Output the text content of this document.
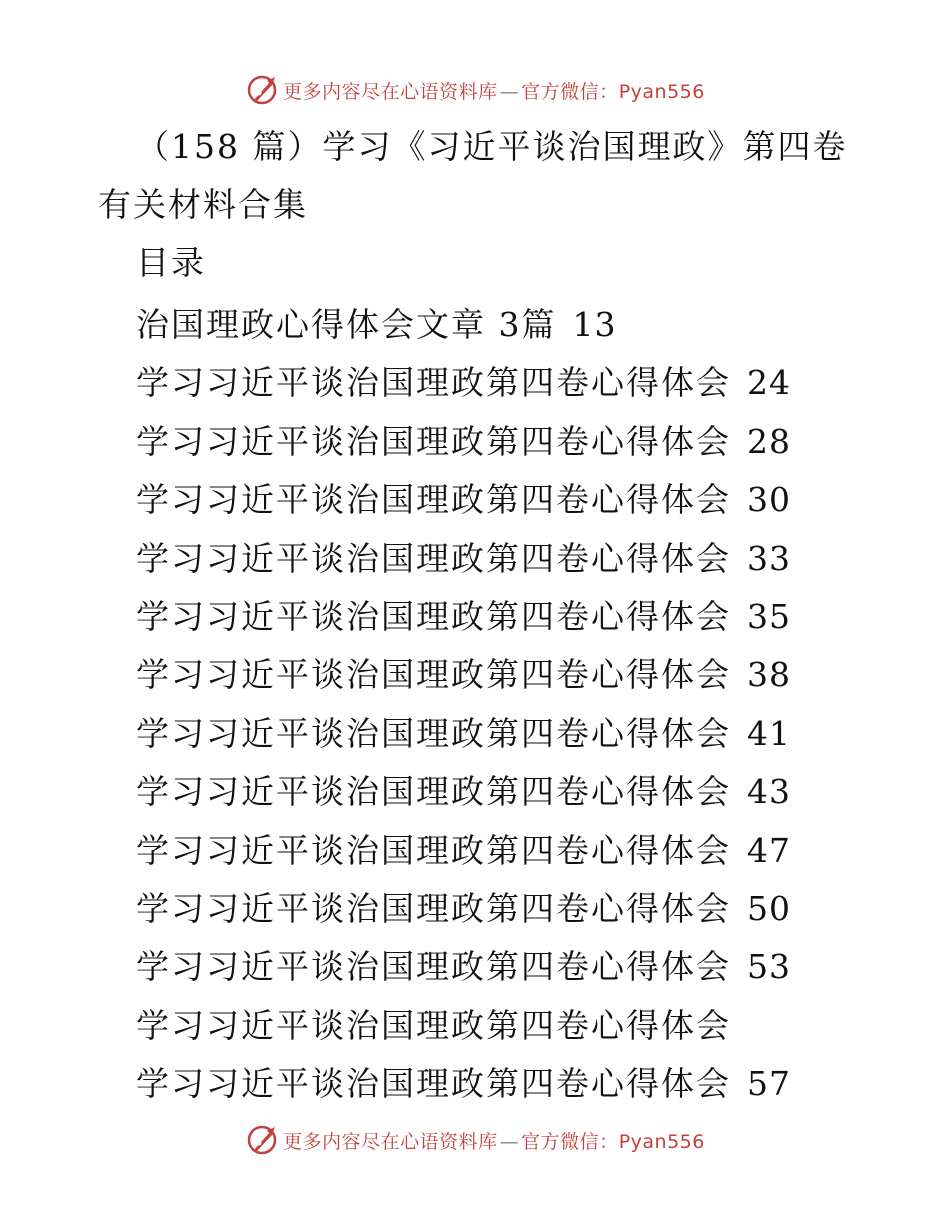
更多内容尽在心语资料库 — 官方微信：Pyan556
（158 篇）学习《习近平谈治国理政》第四卷有关材料合集
目录
治国理政心得体会文章 3篇 13
学习习近平谈治国理政第四卷心得体会 24
学习习近平谈治国理政第四卷心得体会 28
学习习近平谈治国理政第四卷心得体会 30
学习习近平谈治国理政第四卷心得体会 33
学习习近平谈治国理政第四卷心得体会 35
学习习近平谈治国理政第四卷心得体会 38
学习习近平谈治国理政第四卷心得体会 41
学习习近平谈治国理政第四卷心得体会 43
学习习近平谈治国理政第四卷心得体会 47
学习习近平谈治国理政第四卷心得体会 50
学习习近平谈治国理政第四卷心得体会 53
学习习近平谈治国理政第四卷心得体会
学习习近平谈治国理政第四卷心得体会 57
更多内容尽在心语资料库 — 官方微信：Pyan556
